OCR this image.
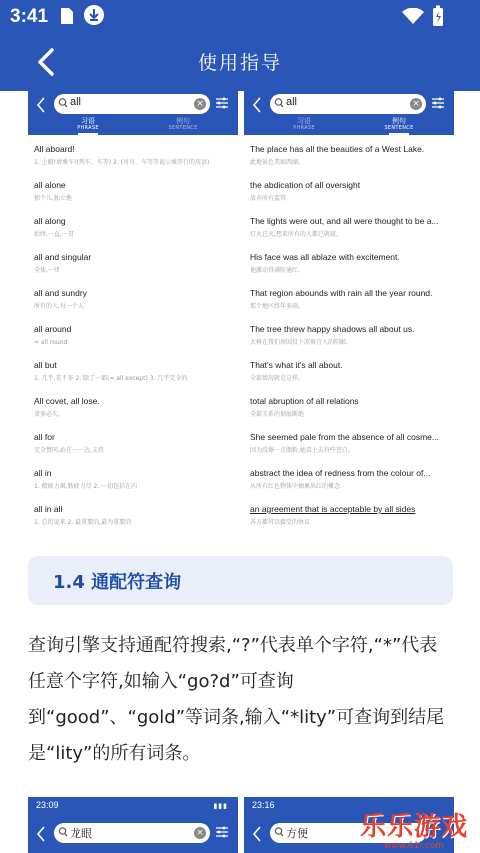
3:41
使用指导
all	×
习语
PHRASE
例句
SENTENCE
All aboard!
1. 上船!请乘车!(列车、车等) 2. (对舟、车等等说示乘开行的用语)
all alone
独个儿,独立地
all along
始终,一直,一贯
all and singular
全体,一律
all and sundry
所有的人,每一个人
all around
= all round
all but
1. 几乎,差不多 2. 除了一都(= all except) 3. 几乎完全的
All covet, all lose.
贪多必失。
all for
完全赞同,站在一一边,支持
all in
1. 精疲力竭,筋疲力尽 2. 一切包括在内
all in all
1. 总的说来 2. 最重要的,最为重要的
all	×
习语
PHRASE
例句
SENTENCE
The place has all the beauties of a West Lake.
此地景色美如西湖。
the abdication of all oversight
放弃所有监管
The lights were out, and all were thought to be a...
灯火已灭,想来所有的人都已就寝。
His face was all ablaze with excitement.
他激动得满脸通红。
That region abounds with rain all the year round.
那个地区终年多雨。
The tree threw happy shadows all about us.
大树在我们周围投下凉爽宜人的阴影。
That's what it's all about.
全部情况就是这样。
total abruption of all relations
全部关系的彻底断绝
She seemed pale from the absence of all cosme...
因为没擦一点脂粉,她看上去有些苍白。
abstract the idea of redness from the colour of...
从所有红色物体中抽象出红的概念
an agreement that is acceptable by all sides
各方都可以接受的协议
1.4 通配符查询
查询引擎支持通配符搜索,“?”代表单个字符,“*”代表任意个字符,如输入“go?d”可查询到“good”、“gold”等词条,输入“*lity”可查询到结尾是“lity”的所有词条。
23:09	▮▮▮
龙眼	×
23:16
方便 乐乐游戏
www.61i.com
